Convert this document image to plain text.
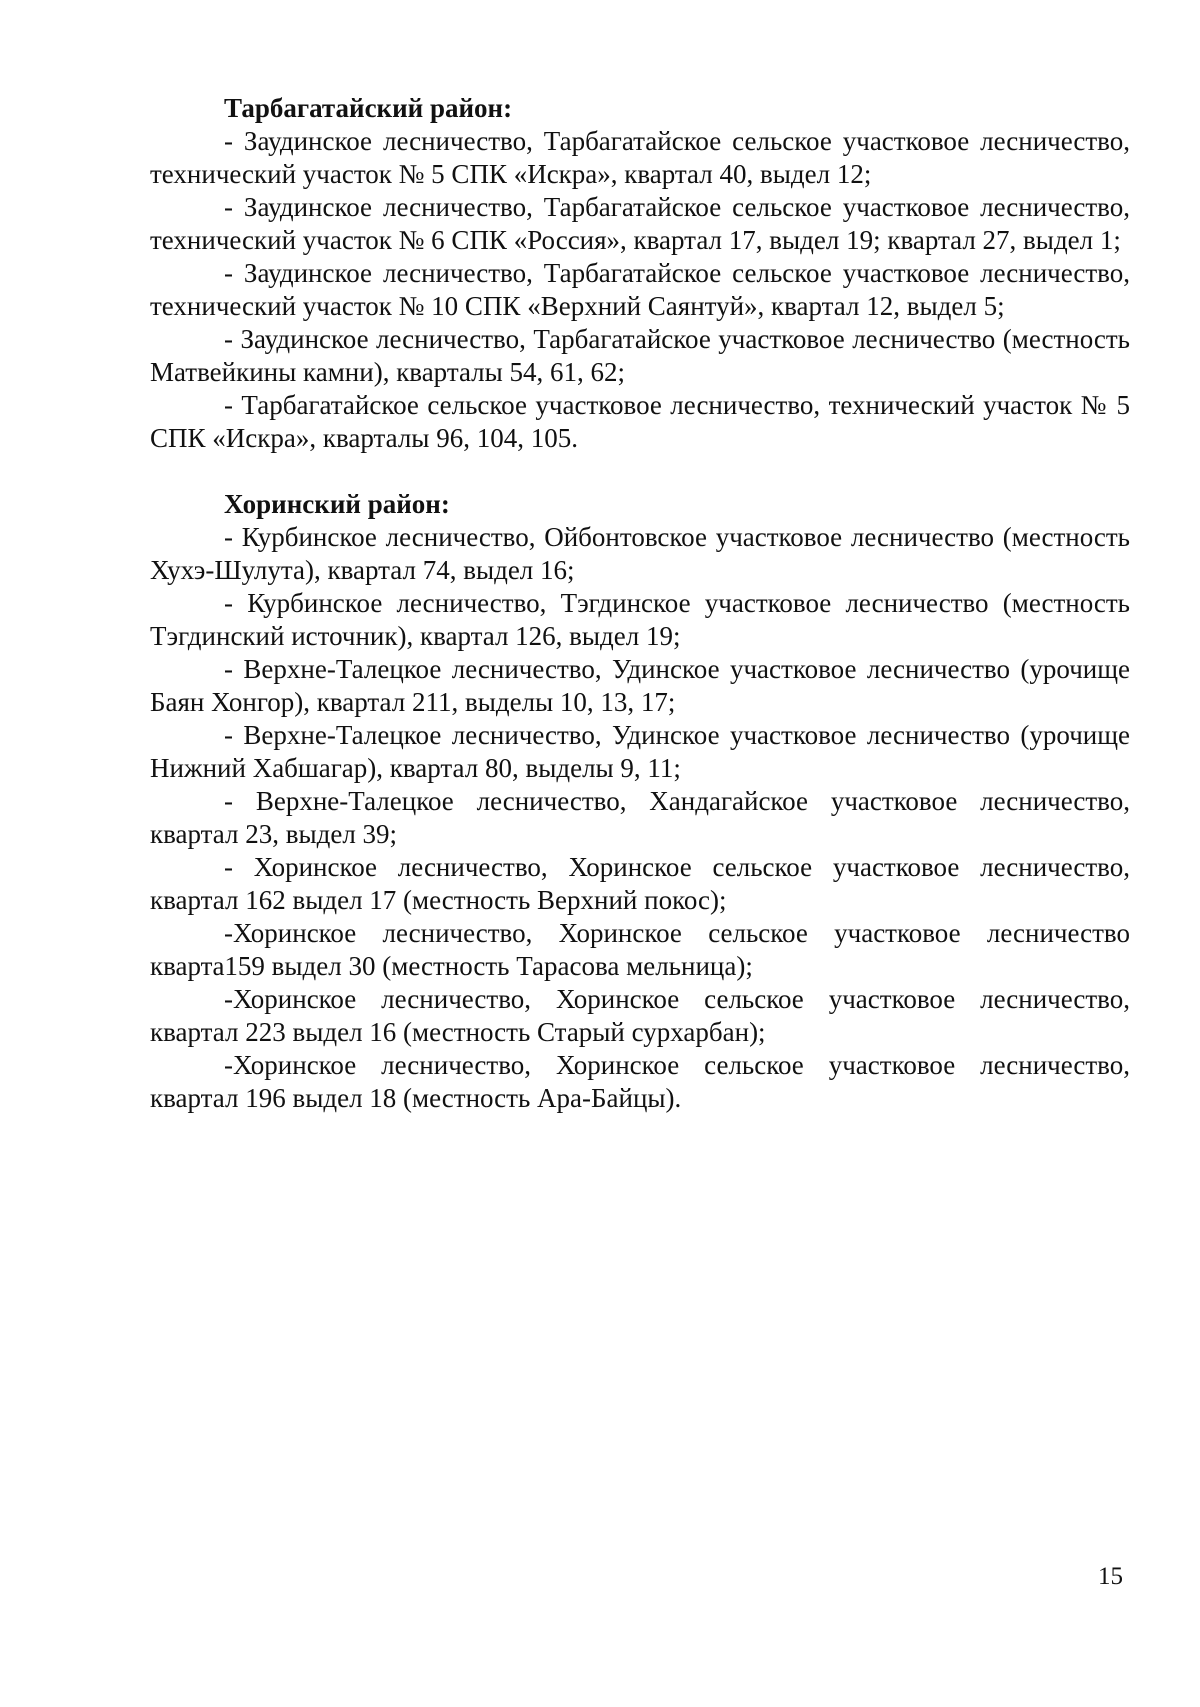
Тарбагатайский район:

- Заудинское лесничество, Тарбагатайское сельское участковое лесничество, технический участок № 5 СПК «Искра», квартал 40, выдел 12;

- Заудинское лесничество, Тарбагатайское сельское участковое лесничество, технический участок № 6 СПК «Россия», квартал 17, выдел 19; квартал 27, выдел 1;

- Заудинское лесничество, Тарбагатайское сельское участковое лесничество, технический участок № 10 СПК «Верхний Саянтуй», квартал 12, выдел 5;

- Заудинское лесничество, Тарбагатайское участковое лесничество (местность Матвейкины камни), кварталы 54, 61, 62;

- Тарбагатайское сельское участковое лесничество, технический участок № 5 СПК «Искра», кварталы 96, 104, 105.

Хоринский район:

- Курбинское лесничество, Ойбонтовское участковое лесничество (местность Хухэ-Шулута), квартал 74, выдел 16;

- Курбинское лесничество, Тэгдинское участковое лесничество (местность Тэгдинский источник), квартал 126, выдел 19;

- Верхне-Талецкое лесничество, Удинское участковое лесничество (урочище Баян Хонгор), квартал 211, выделы 10, 13, 17;

- Верхне-Талецкое лесничество, Удинское участковое лесничество (урочище Нижний Хабшагар), квартал 80, выделы 9, 11;

- Верхне-Талецкое лесничество, Хандагайское участковое лесничество, квартал 23, выдел 39;

- Хоринское лесничество, Хоринское сельское участковое лесничество, квартал 162 выдел 17 (местность Верхний покос);

-Хоринское лесничество, Хоринское сельское участковое лесничество квартa159 выдел 30 (местность Тарасова мельница);

-Хоринское лесничество, Хоринское сельское участковое лесничество, квартал 223 выдел 16 (местность Старый сурхарбан);

-Хоринское лесничество, Хоринское сельское участковое лесничество, квартал 196 выдел 18 (местность Ара-Байцы).

15
